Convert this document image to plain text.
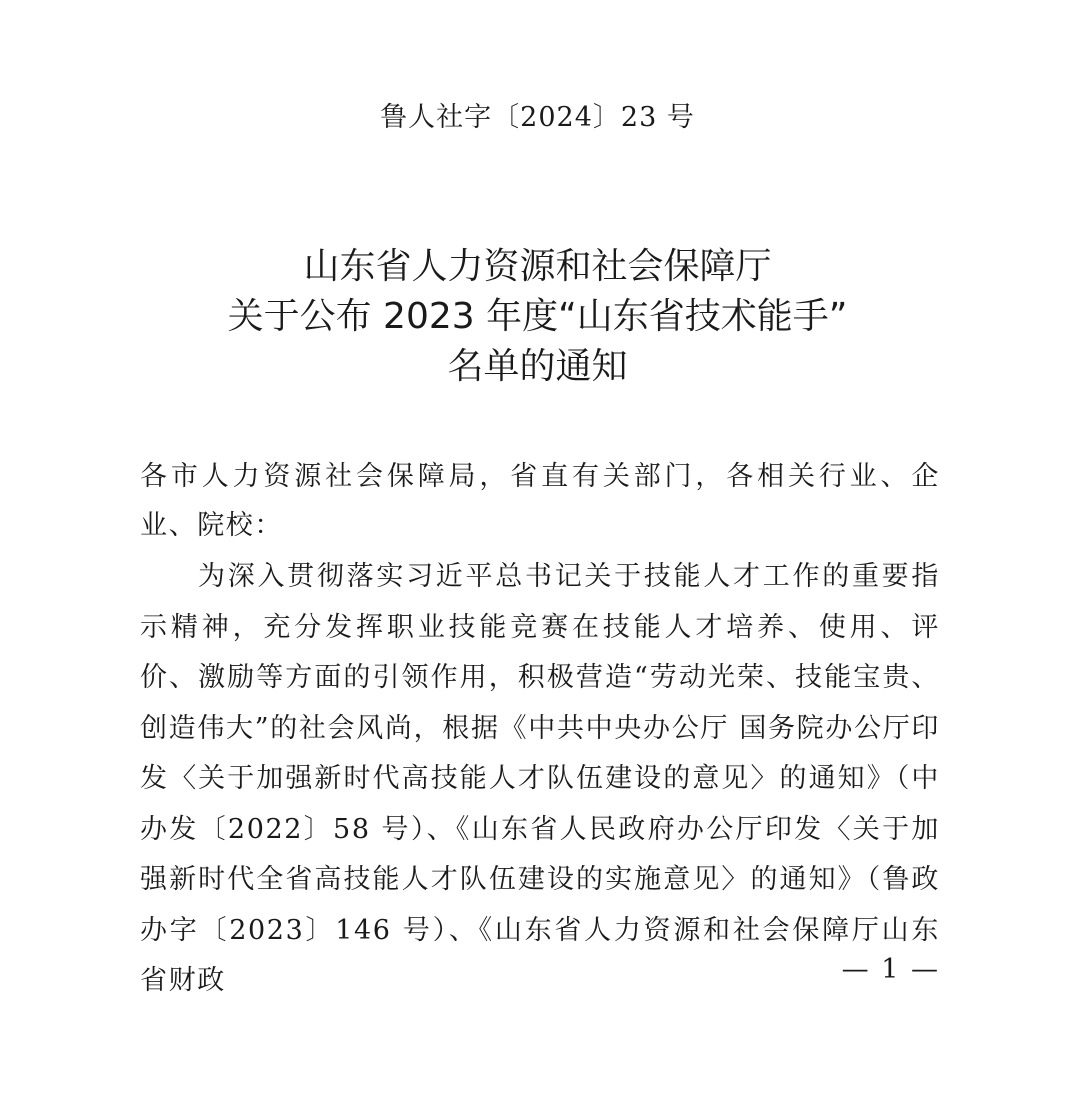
鲁人社字〔2024〕23 号
山东省人力资源和社会保障厅
关于公布 2023 年度“山东省技术能手”
名单的通知

各市人力资源社会保障局，省直有关部门，各相关行业、企业、院校：

为深入贯彻落实习近平总书记关于技能人才工作的重要指示精神，充分发挥职业技能竞赛在技能人才培养、使用、评价、激励等方面的引领作用，积极营造“劳动光荣、技能宝贵、创造伟大”的社会风尚，根据《中共中央办公厅 国务院办公厅印发〈关于加强新时代高技能人才队伍建设的意见〉的通知》（中办发〔2022〕58 号）、《山东省人民政府办公厅印发〈关于加强新时代全省高技能人才队伍建设的实施意见〉的通知》（鲁政办字〔2023〕146 号）、《山东省人力资源和社会保障厅山东省财政	— 1 —
